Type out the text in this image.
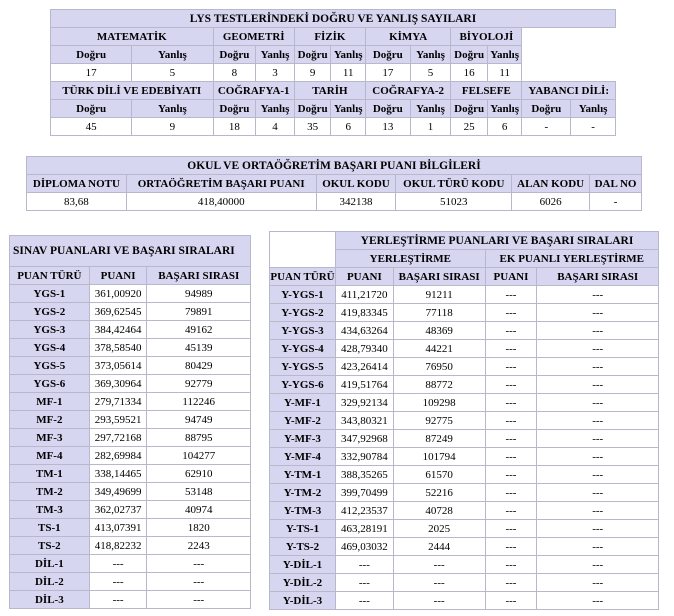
LYS TESTLERİNDEKİ DOĞRU VE YANLIŞ SAYILARI											
MATEMATİK		GEOMETRİ		FİZİK		KİMYA		BİYOLOJİ			
Doğru	Yanlış	Doğru	Yanlış	Doğru	Yanlış	Doğru	Yanlış	Doğru	Yanlış		
17	5	8	3	9	11	17	5	16	11		
TÜRK DİLİ VE EDEBİYATI		COĞRAFYA-1		TARİH		COĞRAFYA-2		FELSEFE		YABANCI DİLİ:	
Doğru	Yanlış	Doğru	Yanlış	Doğru	Yanlış	Doğru	Yanlış	Doğru	Yanlış	Doğru	Yanlış
45	9	18	4	35	6	13	1	25	6	-	-
OKUL VE ORTAÖĞRETİM BAŞARI PUANI BİLGİLERİ					
DİPLOMA NOTU	ORTAÖĞRETİM BAŞARI PUANI	OKUL KODU	OKUL TÜRÜ KODU	ALAN KODU	DAL NO
83,68	418,40000	342138	51023	6026	-
SINAV PUANLARI VE BAŞARI SIRALARI		
PUAN TÜRÜ	PUANI	BAŞARI SIRASI
YGS-1	361,00920	94989
YGS-2	369,62545	79891
YGS-3	384,42464	49162
YGS-4	378,58540	45139
YGS-5	373,05614	80429
YGS-6	369,30964	92779
MF-1	279,71334	112246
MF-2	293,59521	94749
MF-3	297,72168	88795
MF-4	282,69984	104277
TM-1	338,14465	62910
TM-2	349,49699	53148
TM-3	362,02737	40974
TS-1	413,07391	1820
TS-2	418,82232	2243
DİL-1	---	---
DİL-2	---	---
DİL-3	---	---
	YERLEŞTİRME PUANLARI VE BAŞARI SIRALARI			
	YERLEŞTİRME		EK PUANLI YERLEŞTİRME	
PUAN TÜRÜ	PUANI	BAŞARI SIRASI	PUANI	BAŞARI SIRASI
Y-YGS-1	411,21720	91211	---	---
Y-YGS-2	419,83345	77118	---	---
Y-YGS-3	434,63264	48369	---	---
Y-YGS-4	428,79340	44221	---	---
Y-YGS-5	423,26414	76950	---	---
Y-YGS-6	419,51764	88772	---	---
Y-MF-1	329,92134	109298	---	---
Y-MF-2	343,80321	92775	---	---
Y-MF-3	347,92968	87249	---	---
Y-MF-4	332,90784	101794	---	---
Y-TM-1	388,35265	61570	---	---
Y-TM-2	399,70499	52216	---	---
Y-TM-3	412,23537	40728	---	---
Y-TS-1	463,28191	2025	---	---
Y-TS-2	469,03032	2444	---	---
Y-DİL-1	---	---	---	---
Y-DİL-2	---	---	---	---
Y-DİL-3	---	---	---	---
